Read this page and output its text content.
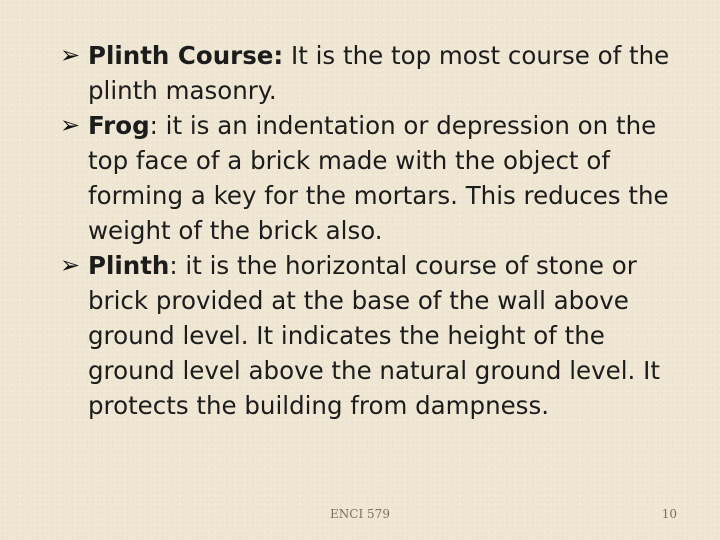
➢ Plinth Course: It is the top most course of the plinth masonry.
➢ Frog: it is an indentation or depression on the top face of a brick made with the object of forming a key for the mortars. This reduces the weight of the brick also.
➢ Plinth: it is the horizontal course of stone or brick provided at the base of the wall above ground level. It indicates the height of the ground level above the natural ground level. It protects the building from dampness.
ENCI 579	10
